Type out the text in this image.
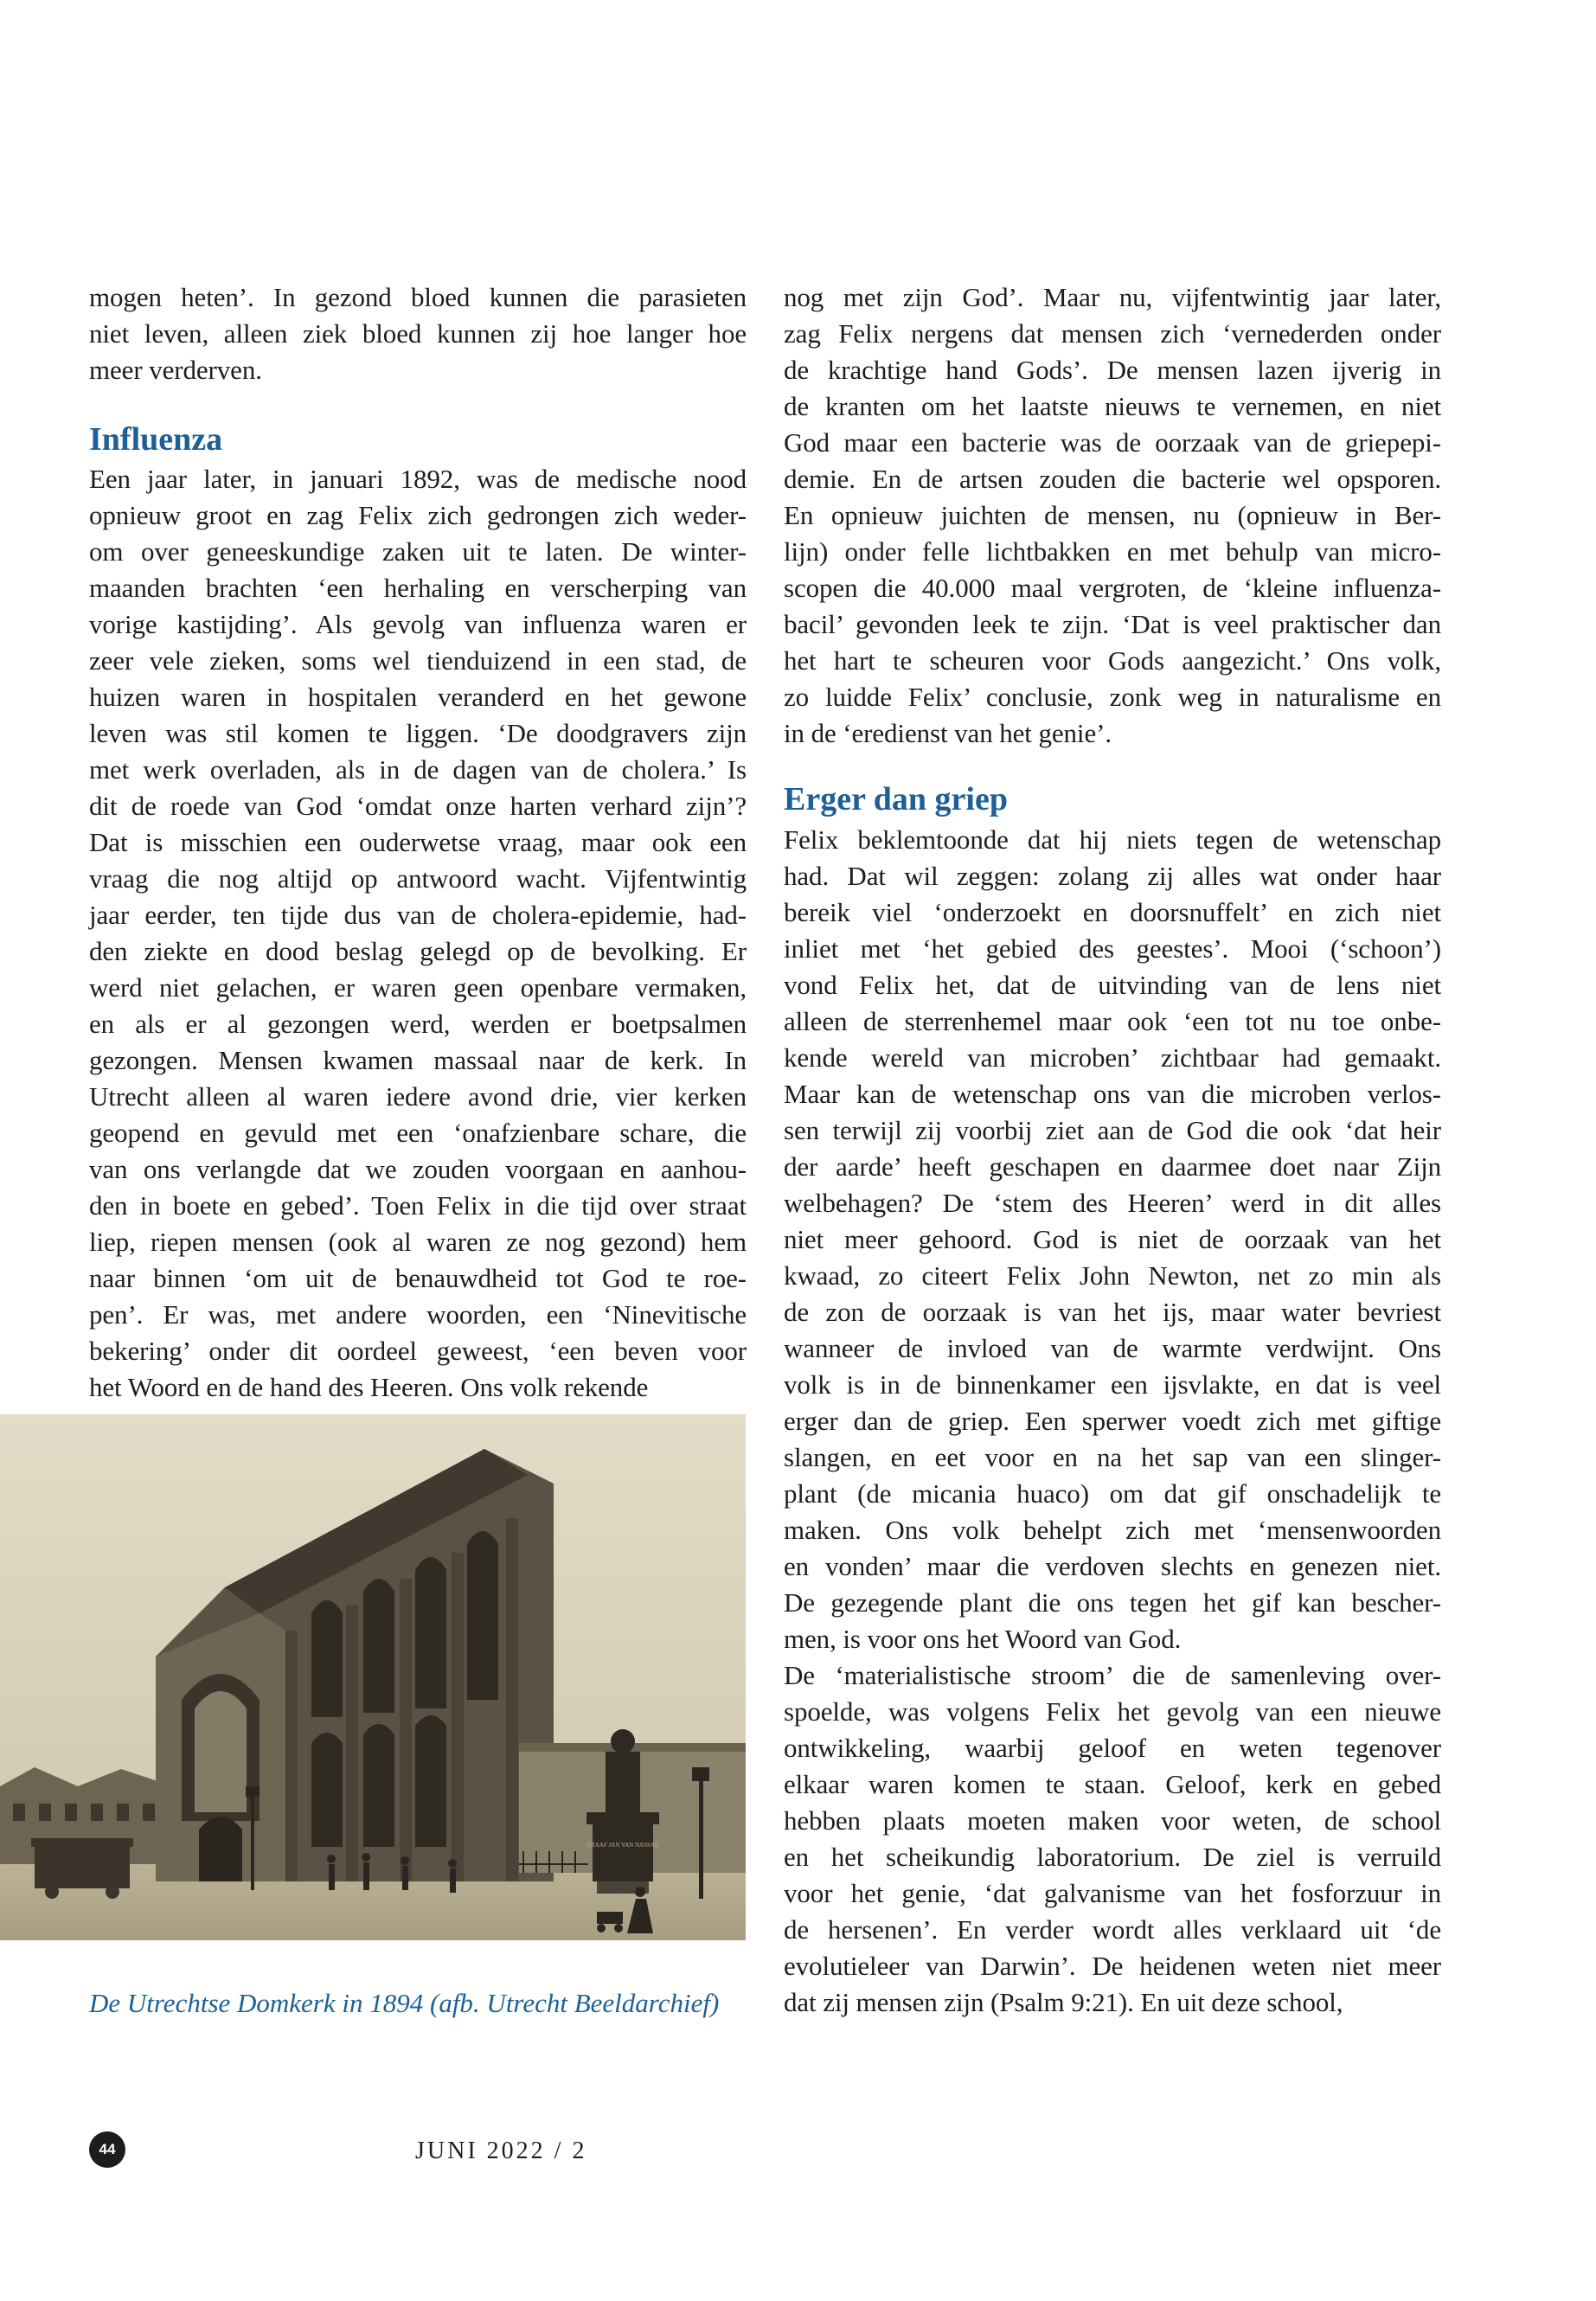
mogen heten’. In gezond bloed kunnen die parasieten
niet leven, alleen ziek bloed kunnen zij hoe langer hoe
meer verderven.
Influenza
Een jaar later, in januari 1892, was de medische nood
opnieuw groot en zag Felix zich gedrongen zich weder-
om over geneeskundige zaken uit te laten. De winter-
maanden brachten ‘een herhaling en verscherping van
vorige kastijding’. Als gevolg van influenza waren er
zeer vele zieken, soms wel tienduizend in een stad, de
huizen waren in hospitalen veranderd en het gewone
leven was stil komen te liggen. ‘De doodgravers zijn
met werk overladen, als in de dagen van de cholera.’ Is
dit de roede van God ‘omdat onze harten verhard zijn’?
Dat is misschien een ouderwetse vraag, maar ook een
vraag die nog altijd op antwoord wacht. Vijfentwintig
jaar eerder, ten tijde dus van de cholera-epidemie, had-
den ziekte en dood beslag gelegd op de bevolking. Er
werd niet gelachen, er waren geen openbare vermaken,
en als er al gezongen werd, werden er boetpsalmen
gezongen. Mensen kwamen massaal naar de kerk. In
Utrecht alleen al waren iedere avond drie, vier kerken
geopend en gevuld met een ‘onafzienbare schare, die
van ons verlangde dat we zouden voorgaan en aanhou-
den in boete en gebed’. Toen Felix in die tijd over straat
liep, riepen mensen (ook al waren ze nog gezond) hem
naar binnen ‘om uit de benauwdheid tot God te roe-
pen’. Er was, met andere woorden, een ‘Ninevitische
bekering’ onder dit oordeel geweest, ‘een beven voor
het Woord en de hand des Heeren. Ons volk rekende
GRAAF JAN VAN NASSAU
De Utrechtse Domkerk in 1894 (afb. Utrecht Beeldarchief)
nog met zijn God’. Maar nu, vijfentwintig jaar later,
zag Felix nergens dat mensen zich ‘vernederden onder
de krachtige hand Gods’. De mensen lazen ijverig in
de kranten om het laatste nieuws te vernemen, en niet
God maar een bacterie was de oorzaak van de griepepi-
demie. En de artsen zouden die bacterie wel opsporen.
En opnieuw juichten de mensen, nu (opnieuw in Ber-
lijn) onder felle lichtbakken en met behulp van micro-
scopen die 40.000 maal vergroten, de ‘kleine influenza-
bacil’ gevonden leek te zijn. ‘Dat is veel praktischer dan
het hart te scheuren voor Gods aangezicht.’ Ons volk,
zo luidde Felix’ conclusie, zonk weg in naturalisme en
in de ‘eredienst van het genie’.
Erger dan griep
Felix beklemtoonde dat hij niets tegen de wetenschap
had. Dat wil zeggen: zolang zij alles wat onder haar
bereik viel ‘onderzoekt en doorsnuffelt’ en zich niet
inliet met ‘het gebied des geestes’. Mooi (‘schoon’)
vond Felix het, dat de uitvinding van de lens niet
alleen de sterrenhemel maar ook ‘een tot nu toe onbe-
kende wereld van microben’ zichtbaar had gemaakt.
Maar kan de wetenschap ons van die microben verlos-
sen terwijl zij voorbij ziet aan de God die ook ‘dat heir
der aarde’ heeft geschapen en daarmee doet naar Zijn
welbehagen? De ‘stem des Heeren’ werd in dit alles
niet meer gehoord. God is niet de oorzaak van het
kwaad, zo citeert Felix John Newton, net zo min als
de zon de oorzaak is van het ijs, maar water bevriest
wanneer de invloed van de warmte verdwijnt. Ons
volk is in de binnenkamer een ijsvlakte, en dat is veel
erger dan de griep. Een sperwer voedt zich met giftige
slangen, en eet voor en na het sap van een slinger-
plant (de micania huaco) om dat gif onschadelijk te
maken. Ons volk behelpt zich met ‘mensenwoorden
en vonden’ maar die verdoven slechts en genezen niet.
De gezegende plant die ons tegen het gif kan bescher-
men, is voor ons het Woord van God.
De ‘materialistische stroom’ die de samenleving over-
spoelde, was volgens Felix het gevolg van een nieuwe
ontwikkeling, waarbij geloof en weten tegenover
elkaar waren komen te staan. Geloof, kerk en gebed
hebben plaats moeten maken voor weten, de school
en het scheikundig laboratorium. De ziel is verruild
voor het genie, ‘dat galvanisme van het fosforzuur in
de hersenen’. En verder wordt alles verklaard uit ‘de
evolutieleer van Darwin’. De heidenen weten niet meer
dat zij mensen zijn (Psalm 9:21). En uit deze school,
44	JUNI 2022 / 2
